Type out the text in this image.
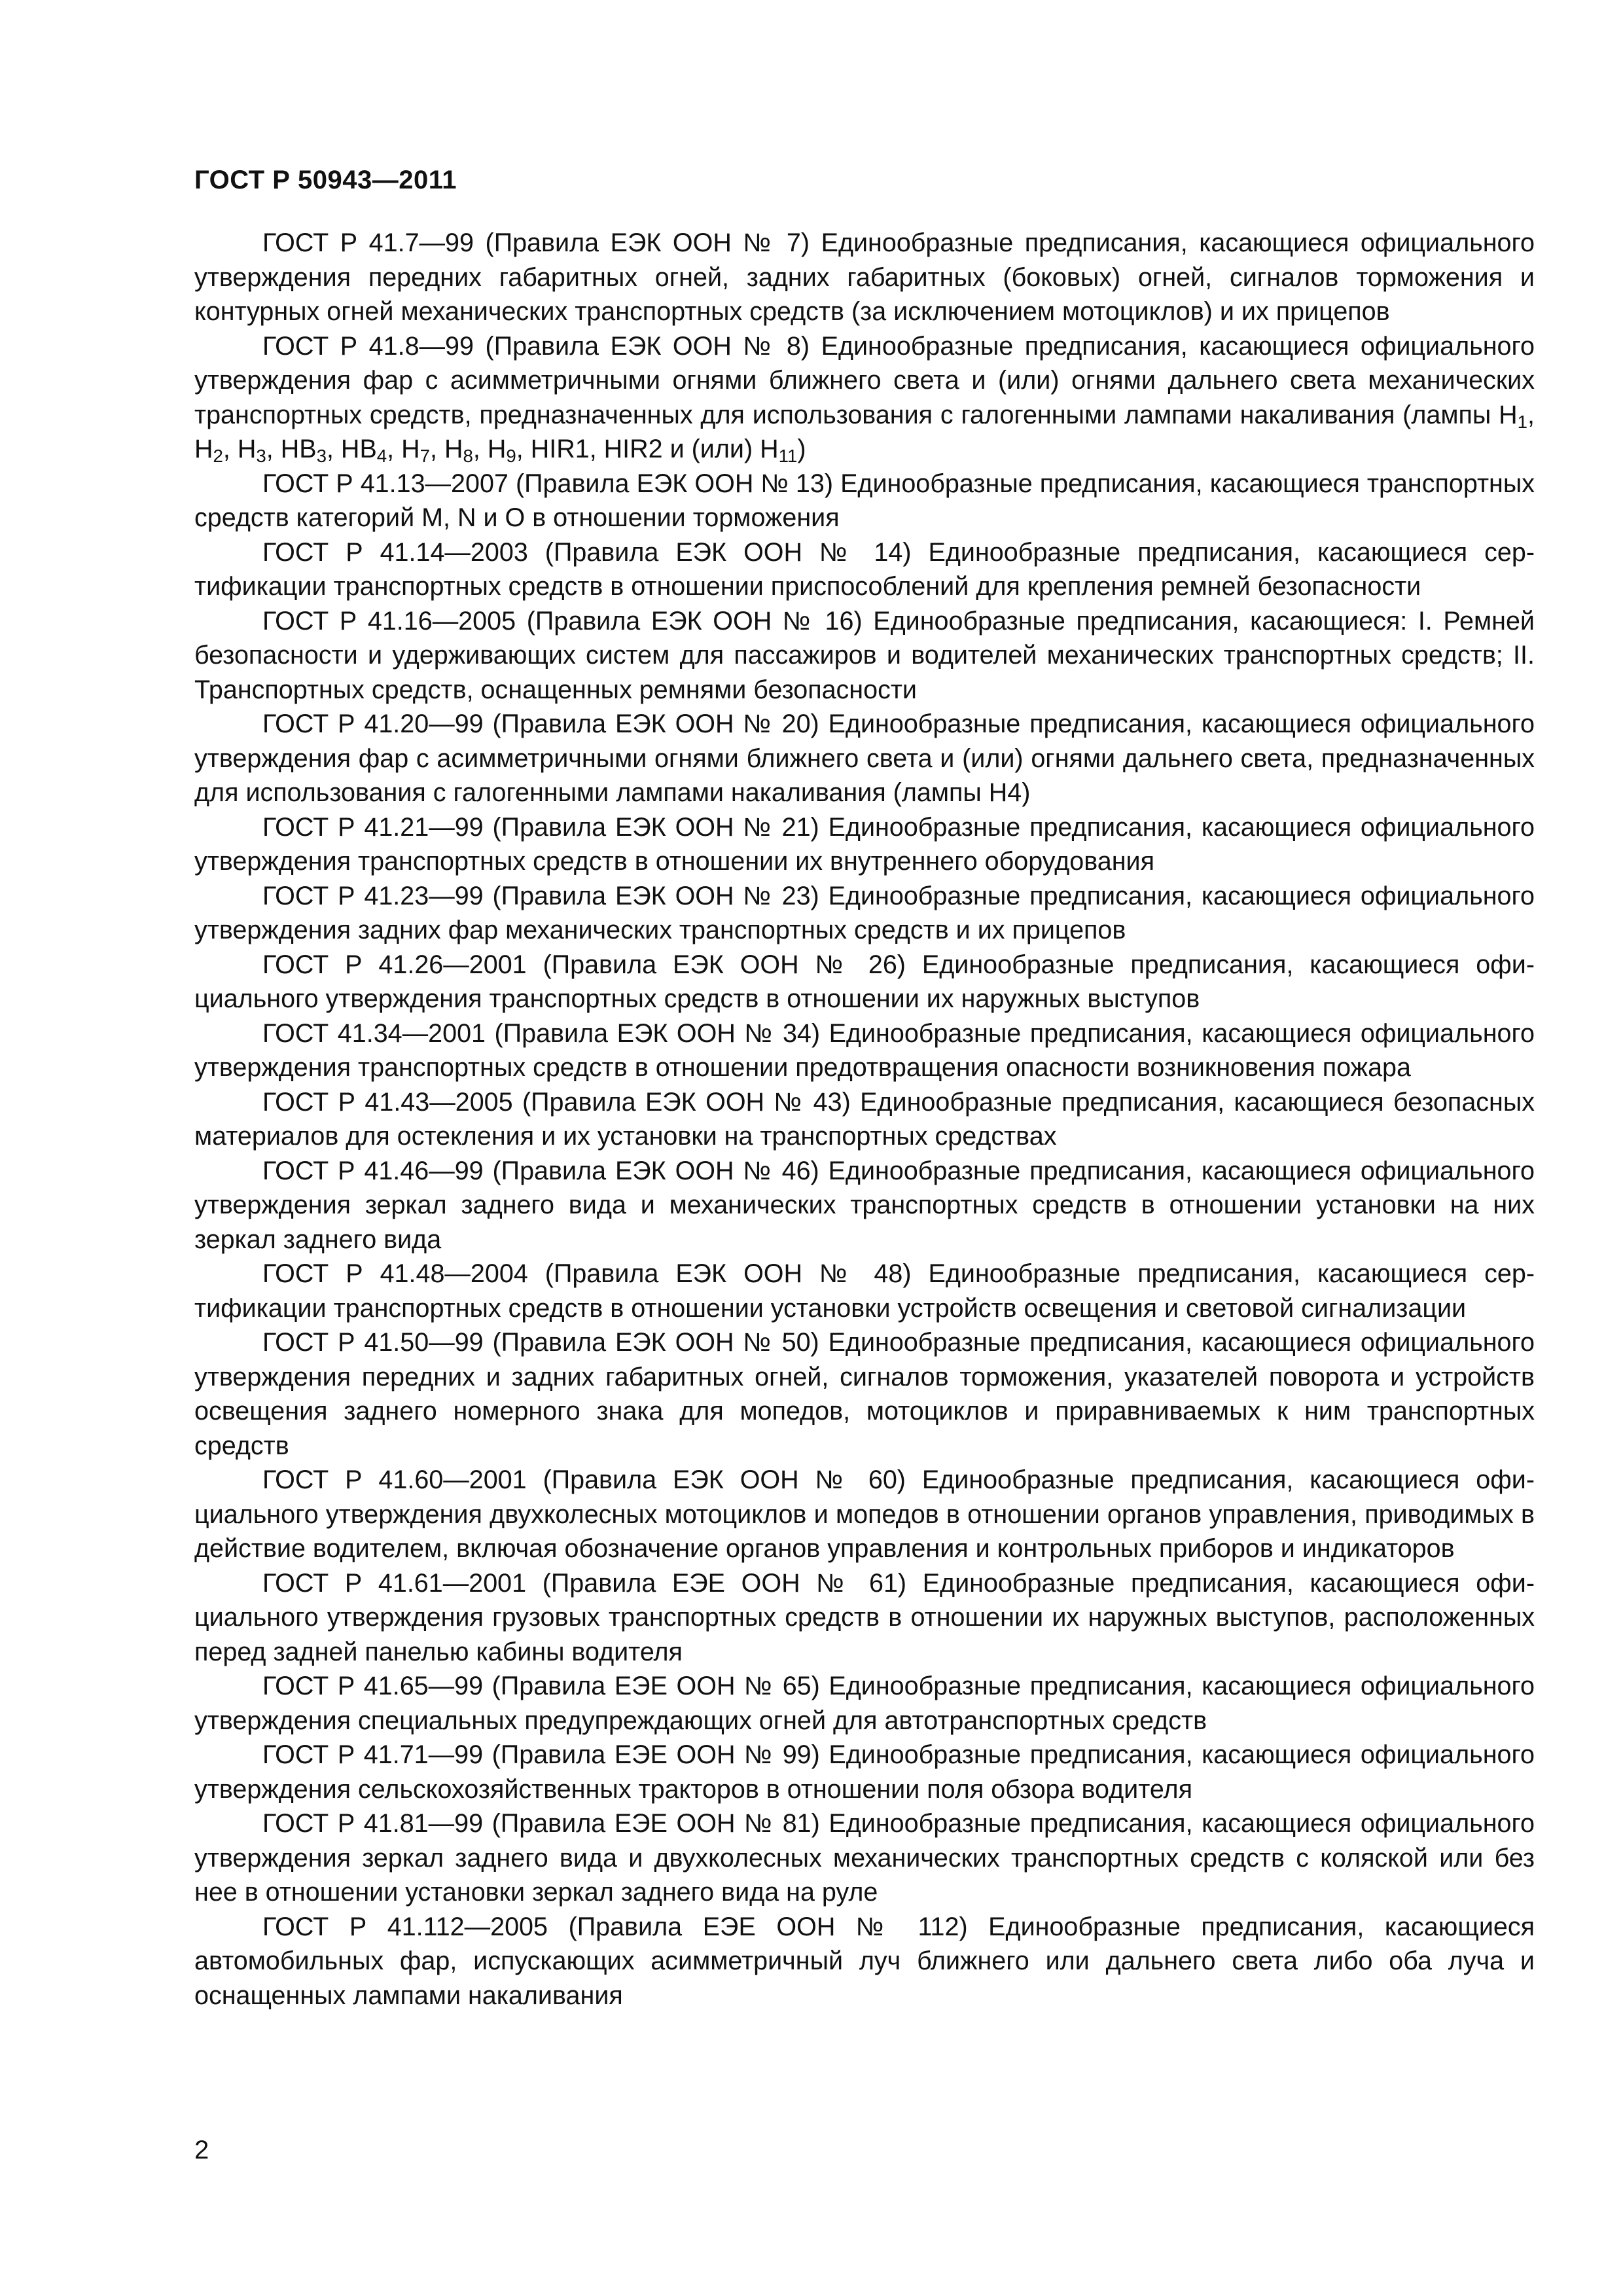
ГОСТ Р 50943—2011

ГОСТ Р 41.7—99 (Правила ЕЭК ООН № 7) Единообразные предписания, касающиеся официального утверждения передних габаритных огней, задних габаритных (боковых) огней, сигналов торможения и контурных огней механических транспортных средств (за исключением мотоциклов) и их прицепов

ГОСТ Р 41.8—99 (Правила ЕЭК ООН № 8) Единообразные предписания, касающиеся официального утверждения фар с асимметричными огнями ближнего света и (или) огнями дальнего света механических транспортных средств, предназначенных для использования с галогенными лампами накаливания (лампы $H_1$, $H_2$, $H_3$, $HB_3$, $HB_4$, $H_7$, $H_8$, $H_9$, HIR1, HIR2 и (или) $H_{11}$)

ГОСТ Р 41.13—2007 (Правила ЕЭК ООН № 13) Единообразные предписания, касающиеся транспортных средств категорий М, N и О в отношении торможения

ГОСТ Р 41.14—2003 (Правила ЕЭК ООН № 14) Единообразные предписания, касающиеся сертификации транспортных средств в отношении приспособлений для крепления ремней безопасности

ГОСТ Р 41.16—2005 (Правила ЕЭК ООН № 16) Единообразные предписания, касающиеся: I. Ремней безопасности и удерживающих систем для пассажиров и водителей механических транспортных средств; II. Транспортных средств, оснащенных ремнями безопасности

ГОСТ Р 41.20—99 (Правила ЕЭК ООН № 20) Единообразные предписания, касающиеся официального утверждения фар с асимметричными огнями ближнего света и (или) огнями дальнего света, предназначенных для использования с галогенными лампами накаливания (лампы Н4)

ГОСТ Р 41.21—99 (Правила ЕЭК ООН № 21) Единообразные предписания, касающиеся официального утверждения транспортных средств в отношении их внутреннего оборудования

ГОСТ Р 41.23—99 (Правила ЕЭК ООН № 23) Единообразные предписания, касающиеся официального утверждения задних фар механических транспортных средств и их прицепов

ГОСТ Р 41.26—2001 (Правила ЕЭК ООН № 26) Единообразные предписания, касающиеся официального утверждения транспортных средств в отношении их наружных выступов

ГОСТ 41.34—2001 (Правила ЕЭК ООН № 34) Единообразные предписания, касающиеся официального утверждения транспортных средств в отношении предотвращения опасности возникновения пожара

ГОСТ Р 41.43—2005 (Правила ЕЭК ООН № 43) Единообразные предписания, касающиеся безопасных материалов для остекления и их установки на транспортных средствах

ГОСТ Р 41.46—99 (Правила ЕЭК ООН № 46) Единообразные предписания, касающиеся официального утверждения зеркал заднего вида и механических транспортных средств в отношении установки на них зеркал заднего вида

ГОСТ Р 41.48—2004 (Правила ЕЭК ООН № 48) Единообразные предписания, касающиеся сертификации транспортных средств в отношении установки устройств освещения и световой сигнализации

ГОСТ Р 41.50—99 (Правила ЕЭК ООН № 50) Единообразные предписания, касающиеся официального утверждения передних и задних габаритных огней, сигналов торможения, указателей поворота и устройств освещения заднего номерного знака для мопедов, мотоциклов и приравниваемых к ним транспортных средств

ГОСТ Р 41.60—2001 (Правила ЕЭК ООН № 60) Единообразные предписания, касающиеся официального утверждения двухколесных мотоциклов и мопедов в отношении органов управления, приводимых в действие водителем, включая обозначение органов управления и контрольных приборов и индикаторов

ГОСТ Р 41.61—2001 (Правила ЕЭЕ ООН № 61) Единообразные предписания, касающиеся официального утверждения грузовых транспортных средств в отношении их наружных выступов, расположенных перед задней панелью кабины водителя

ГОСТ Р 41.65—99 (Правила ЕЭЕ ООН № 65) Единообразные предписания, касающиеся официального утверждения специальных предупреждающих огней для автотранспортных средств

ГОСТ Р 41.71—99 (Правила ЕЭЕ ООН № 99) Единообразные предписания, касающиеся официального утверждения сельскохозяйственных тракторов в отношении поля обзора водителя

ГОСТ Р 41.81—99 (Правила ЕЭЕ ООН № 81) Единообразные предписания, касающиеся официального утверждения зеркал заднего вида и двухколесных механических транспортных средств с коляской или без нее в отношении установки зеркал заднего вида на руле

ГОСТ Р 41.112—2005 (Правила ЕЭЕ ООН № 112) Единообразные предписания, касающиеся автомобильных фар, испускающих асимметричный луч ближнего или дальнего света либо оба луча и оснащенных лампами накаливания

2
